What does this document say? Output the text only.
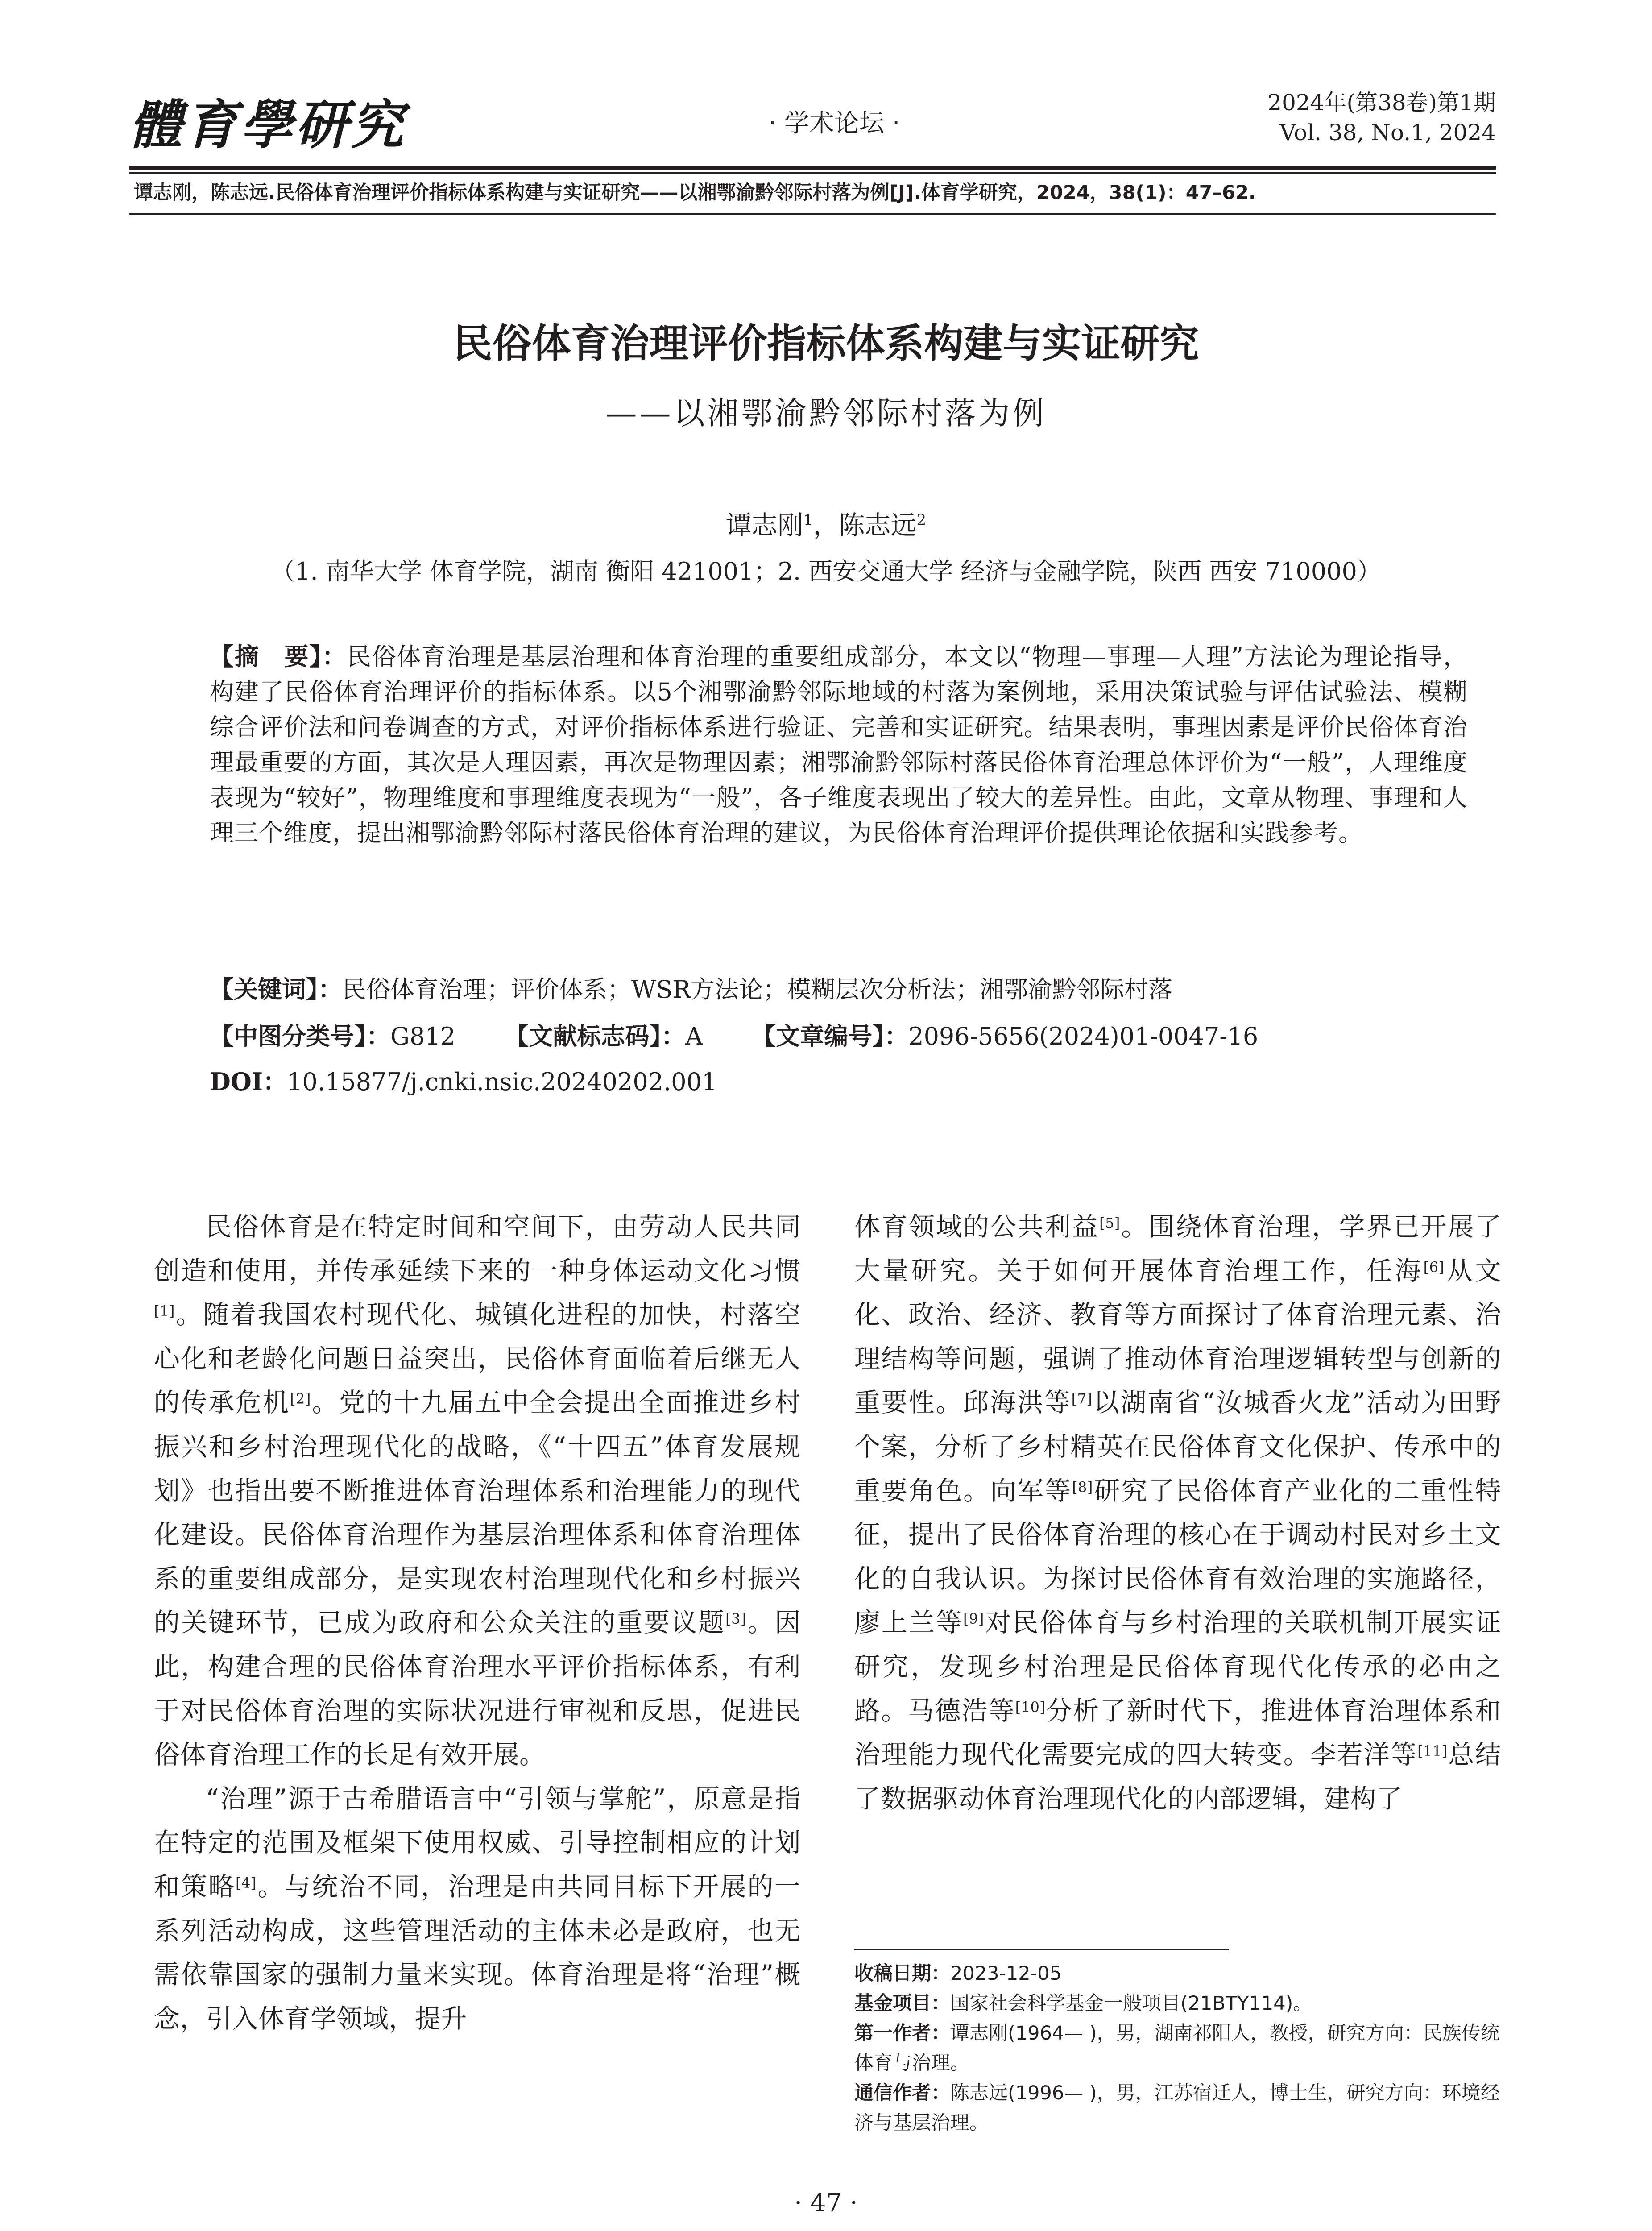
體育學研究	· 学术论坛 ·
2024年(第38卷)第1期
Vol. 38, No.1, 2024
谭志刚，陈志远.民俗体育治理评价指标体系构建与实证研究——以湘鄂渝黔邻际村落为例[J].体育学研究，2024，38(1)：47–62.
民俗体育治理评价指标体系构建与实证研究
——以湘鄂渝黔邻际村落为例
谭志刚$^1$，陈志远$^2$
（1. 南华大学 体育学院，湖南 衡阳 421001；2. 西安交通大学 经济与金融学院，陕西 西安 710000）
【摘　要】：民俗体育治理是基层治理和体育治理的重要组成部分，本文以“物理—事理—人理”方法论为理论指导，构建了民俗体育治理评价的指标体系。以5个湘鄂渝黔邻际地域的村落为案例地，采用决策试验与评估试验法、模糊综合评价法和问卷调查的方式，对评价指标体系进行验证、完善和实证研究。结果表明，事理因素是评价民俗体育治理最重要的方面，其次是人理因素，再次是物理因素；湘鄂渝黔邻际村落民俗体育治理总体评价为“一般”，人理维度表现为“较好”，物理维度和事理维度表现为“一般”，各子维度表现出了较大的差异性。由此，文章从物理、事理和人理三个维度，提出湘鄂渝黔邻际村落民俗体育治理的建议，为民俗体育治理评价提供理论依据和实践参考。
【关键词】：民俗体育治理；评价体系；WSR方法论；模糊层次分析法；湘鄂渝黔邻际村落
【中图分类号】：G812 【文献标志码】：A 【文章编号】：2096-5656(2024)01-0047-16
DOI：10.15877/j.cnki.nsic.20240202.001

民俗体育是在特定时间和空间下，由劳动人民共同创造和使用，并传承延续下来的一种身体运动文化习惯[1]。随着我国农村现代化、城镇化进程的加快，村落空心化和老龄化问题日益突出，民俗体育面临着后继无人的传承危机[2]。党的十九届五中全会提出全面推进乡村振兴和乡村治理现代化的战略，《“十四五”体育发展规划》也指出要不断推进体育治理体系和治理能力的现代化建设。民俗体育治理作为基层治理体系和体育治理体系的重要组成部分，是实现农村治理现代化和乡村振兴的关键环节，已成为政府和公众关注的重要议题[3]。因此，构建合理的民俗体育治理水平评价指标体系，有利于对民俗体育治理的实际状况进行审视和反思，促进民俗体育治理工作的长足有效开展。

“治理”源于古希腊语言中“引领与掌舵”，原意是指在特定的范围及框架下使用权威、引导控制相应的计划和策略[4]。与统治不同，治理是由共同目标下开展的一系列活动构成，这些管理活动的主体未必是政府，也无需依靠国家的强制力量来实现。体育治理是将“治理”概念，引入体育学领域，提升

体育领域的公共利益[5]。围绕体育治理，学界已开展了大量研究。关于如何开展体育治理工作，任海[6]从文化、政治、经济、教育等方面探讨了体育治理元素、治理结构等问题，强调了推动体育治理逻辑转型与创新的重要性。邱海洪等[7]以湖南省“汝城香火龙”活动为田野个案，分析了乡村精英在民俗体育文化保护、传承中的重要角色。向军等[8]研究了民俗体育产业化的二重性特征，提出了民俗体育治理的核心在于调动村民对乡土文化的自我认识。为探讨民俗体育有效治理的实施路径，廖上兰等[9]对民俗体育与乡村治理的关联机制开展实证研究，发现乡村治理是民俗体育现代化传承的必由之路。马德浩等[10]分析了新时代下，推进体育治理体系和治理能力现代化需要完成的四大转变。李若洋等[11]总结了数据驱动体育治理现代化的内部逻辑，建构了

收稿日期：2023-12-05
基金项目：国家社会科学基金一般项目(21BTY114)。
第一作者：谭志刚(1964— )，男，湖南祁阳人，教授，研究方向：民族传统体育与治理。
通信作者：陈志远(1996— )，男，江苏宿迁人，博士生，研究方向：环境经济与基层治理。
· 47 ·
